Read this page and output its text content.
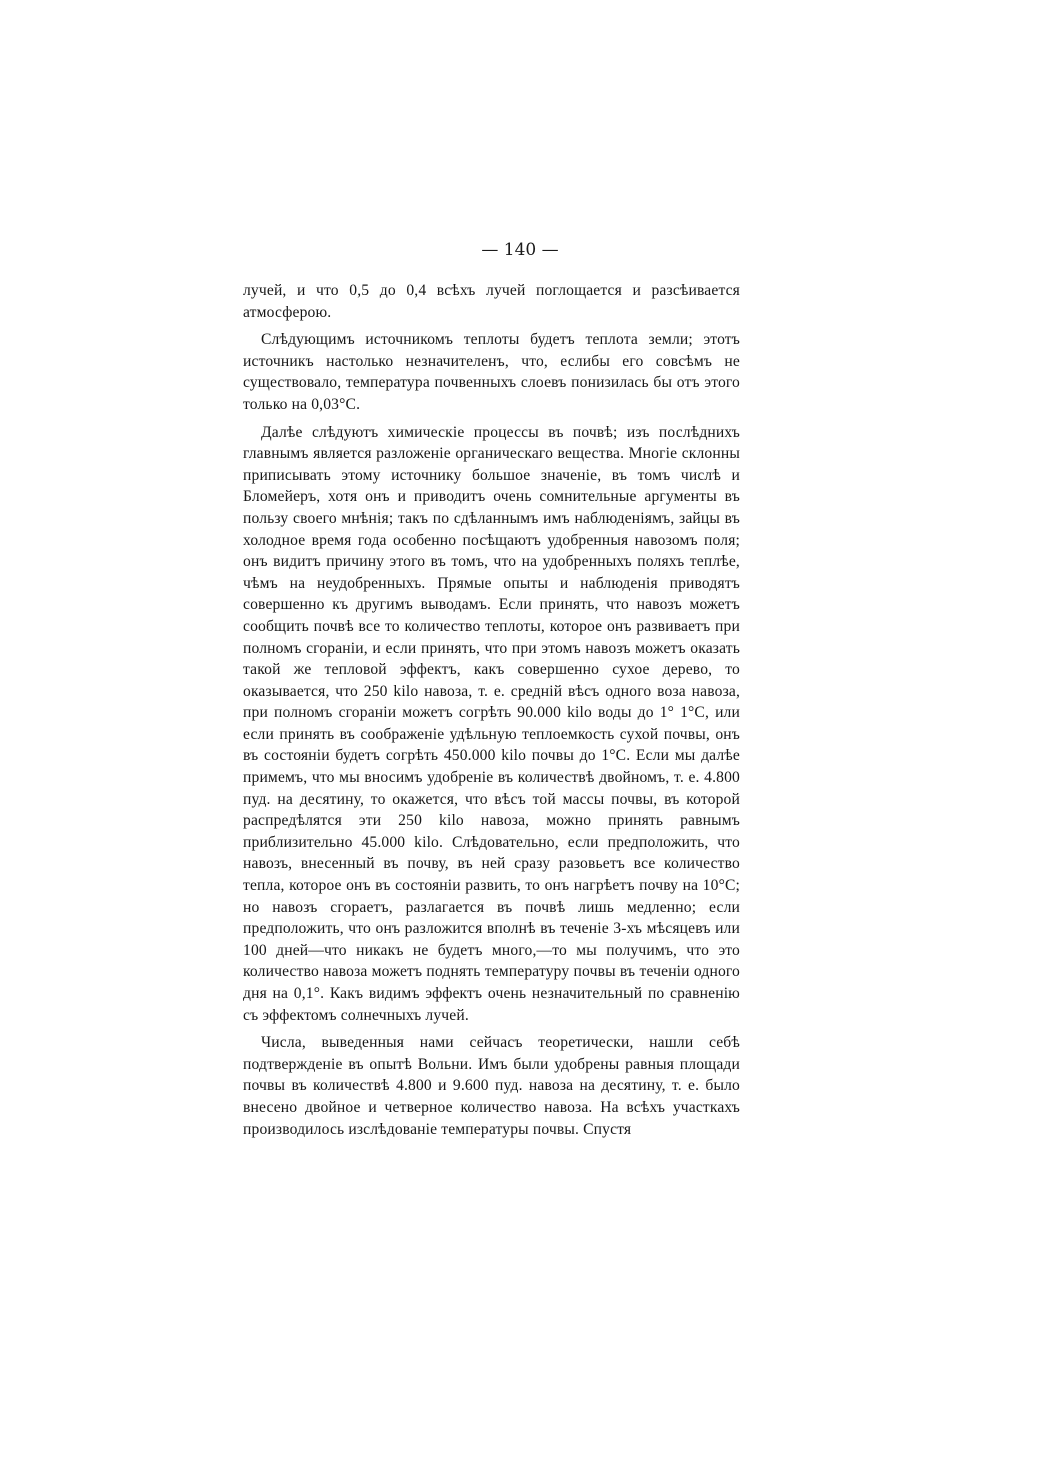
— 140 —

лучей, и что 0,5 до 0,4 всѣхъ лучей поглощается и разсѣивается атмосферою.

Слѣдующимъ источникомъ теплоты будетъ теплота земли; этотъ источникъ настолько незначителенъ, что, еслибы его совсѣмъ не существовало, температура почвенныхъ слоевъ понизилась бы отъ этого только на 0,03°С.

Далѣе слѣдуютъ химическіе процессы въ почвѣ; изъ послѣднихъ главнымъ является разложеніе органическаго вещества. Многіе склонны приписывать этому источнику большое значеніе, въ томъ числѣ и Бломейеръ, хотя онъ и приводитъ очень сомнительные аргументы въ пользу своего мнѣнія; такъ по сдѣланнымъ имъ наблюденіямъ, зайцы въ холодное время года особенно посѣщаютъ удобренныя навозомъ поля; онъ видитъ причину этого въ томъ, что на удобренныхъ поляхъ теплѣе, чѣмъ на неудобренныхъ. Прямые опыты и наблюденія приводятъ совершенно къ другимъ выводамъ. Если принять, что навозъ можетъ сообщить почвѣ все то количество теплоты, которое онъ развиваетъ при полномъ сгораніи, и если принять, что при этомъ навозъ можетъ оказать такой же тепловой эффектъ, какъ совершенно сухое дерево, то оказывается, что 250 kilo навоза, т. е. средній вѣсъ одного воза навоза, при полномъ сгораніи можетъ согрѣть 90.000 kilo воды до 1° 1°С, или если принять въ соображеніе удѣльную теплоемкость сухой почвы, онъ въ состояніи будетъ согрѣть 450.000 kilo почвы до 1°С. Если мы далѣе примемъ, что мы вносимъ удобреніе въ количествѣ двойномъ, т. е. 4.800 пуд. на десятину, то окажется, что вѣсъ той массы почвы, въ которой распредѣлятся эти 250 kilo навоза, можно принять равнымъ приблизительно 45.000 kilo. Слѣдовательно, если предположить, что навозъ, внесенный въ почву, въ ней сразу разовьетъ все количество тепла, которое онъ въ состояніи развить, то онъ нагрѣетъ почву на 10°С; но навозъ сгораетъ, разлагается въ почвѣ лишь медленно; если предположить, что онъ разложится вполнѣ въ теченіе 3-хъ мѣсяцевъ или 100 дней—что никакъ не будетъ много,—то мы получимъ, что это количество навоза можетъ поднять температуру почвы въ теченіи одного дня на 0,1°. Какъ видимъ эффектъ очень незначительный по сравненію съ эффектомъ солнечныхъ лучей.

Числа, выведенныя нами сейчасъ теоретически, нашли себѣ подтвержденіе въ опытѣ Вольни. Имъ были удобрены равныя площади почвы въ количествѣ 4.800 и 9.600 пуд. навоза на десятину, т. е. было внесено двойное и четверное количество навоза. На всѣхъ участкахъ производилось изслѣдованіе температуры почвы. Спустя
